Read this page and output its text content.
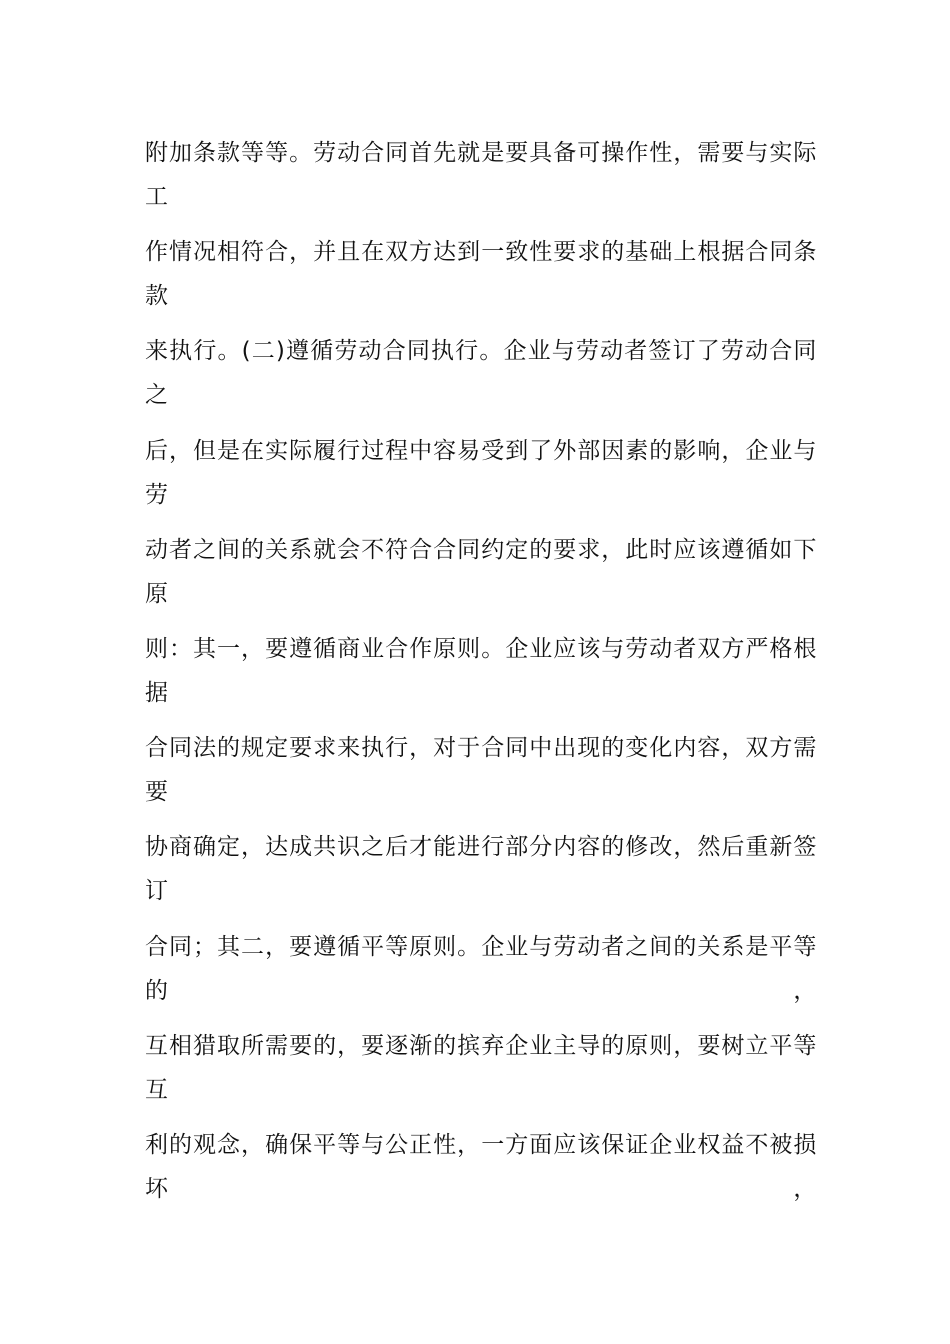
附加条款等等。劳动合同首先就是要具备可操作性，需要与实际工
作情况相符合，并且在双方达到一致性要求的基础上根据合同条款
来执行。(二)遵循劳动合同执行。企业与劳动者签订了劳动合同之
后，但是在实际履行过程中容易受到了外部因素的影响，企业与劳
动者之间的关系就会不符合合同约定的要求，此时应该遵循如下原
则：其一，要遵循商业合作原则。企业应该与劳动者双方严格根据
合同法的规定要求来执行，对于合同中出现的变化内容，双方需要
协商确定，达成共识之后才能进行部分内容的修改，然后重新签订
合同；其二，要遵循平等原则。企业与劳动者之间的关系是平等的，
互相猎取所需要的，要逐渐的摈弃企业主导的原则，要树立平等互
利的观念，确保平等与公正性，一方面应该保证企业权益不被损坏，
